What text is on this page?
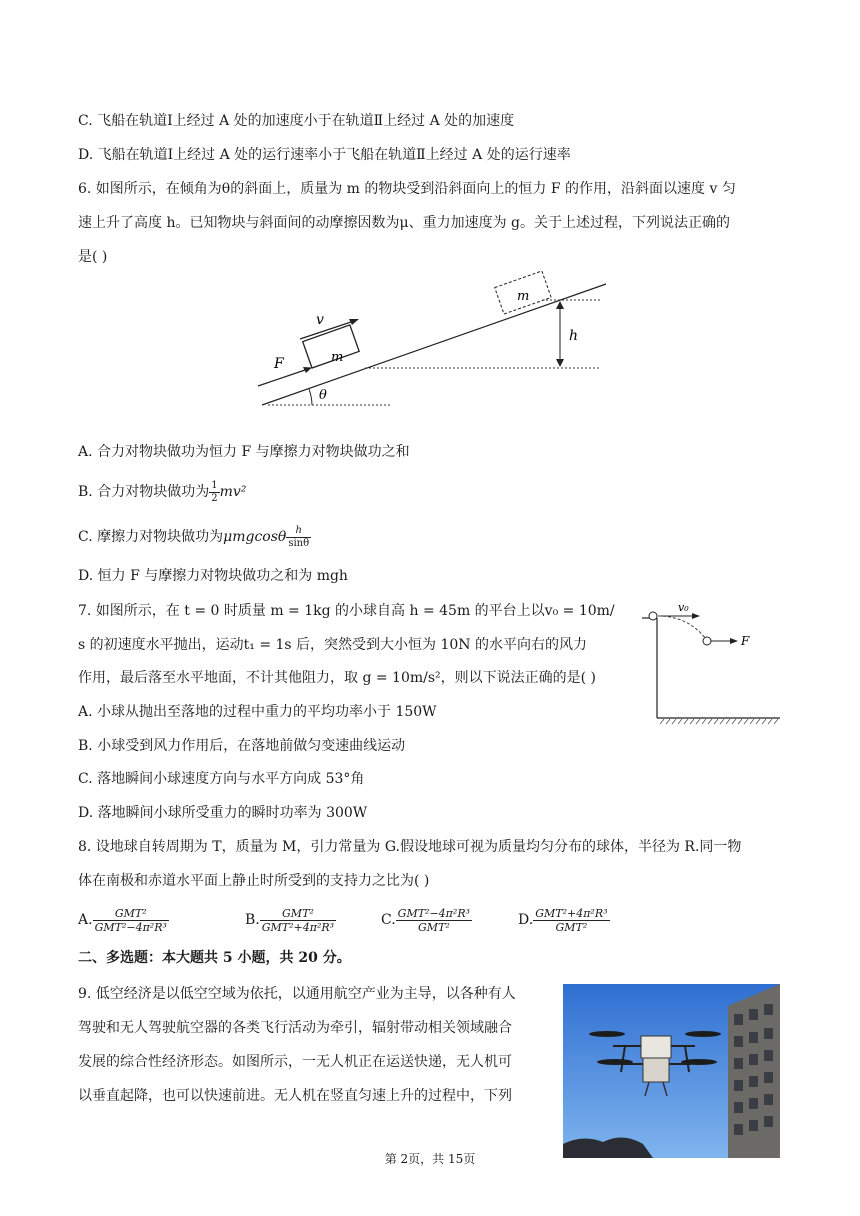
C. 飞船在轨道Ⅰ上经过 A 处的加速度小于在轨道Ⅱ上经过 A 处的加速度
D. 飞船在轨道Ⅰ上经过 A 处的运行速率小于飞船在轨道Ⅱ上经过 A 处的运行速率
6. 如图所示，在倾角为θ的斜面上，质量为 m 的物块受到沿斜面向上的恒力 F 的作用，沿斜面以速度 v 匀
速上升了高度 h。已知物块与斜面间的动摩擦因数为μ、重力加速度为 g。关于上述过程，下列说法正确的
是( )
θ
m
F
v
m
h
A. 合力对物块做功为恒力 F 与摩擦力对物块做功之和
B. 合力对物块做功为 $\frac{1}{2} mv^2$
C. 摩擦力对物块做功为μmgcosθ $\frac{h}{\sin\theta}$
D. 恒力 F 与摩擦力对物块做功之和为 mgh
7. 如图所示，在 t = 0 时质量 m = 1kg 的小球自高 h = 45m 的平台上以v₀ = 10m/
s 的初速度水平抛出，运动t₁ = 1s 后，突然受到大小恒为 10N 的水平向右的风力
作用，最后落至水平地面，不计其他阻力，取 g = 10m/s²，则以下说法正确的是( )
v₀
F
A. 小球从抛出至落地的过程中重力的平均功率小于 150W
B. 小球受到风力作用后，在落地前做匀变速曲线运动
C. 落地瞬间小球速度方向与水平方向成 53°角
D. 落地瞬间小球所受重力的瞬时功率为 300W
8. 设地球自转周期为 T，质量为 M，引力常量为 G.假设地球可视为质量均匀分布的球体，半径为 R.同一物
体在南极和赤道水平面上静止时所受到的支持力之比为( )
A. $\frac{\text{GMT²}}{\text{GMT²−4π²R³}}$	B. $\frac{\text{GMT²}}{\text{GMT²+4π²R³}}$	C. $\frac{\text{GMT²−4π²R³}}{\text{GMT²}}$	D. $\frac{\text{GMT²+4π²R³}}{\text{GMT²}}$
二、多选题：本大题共 5 小题，共 20 分。
9. 低空经济是以低空空域为依托，以通用航空产业为主导，以各种有人
驾驶和无人驾驶航空器的各类飞行活动为牵引，辐射带动相关领域融合
发展的综合性经济形态。如图所示，一无人机正在运送快递，无人机可
以垂直起降，也可以快速前进。无人机在竖直匀速上升的过程中，下列
第 2页，共 15页
